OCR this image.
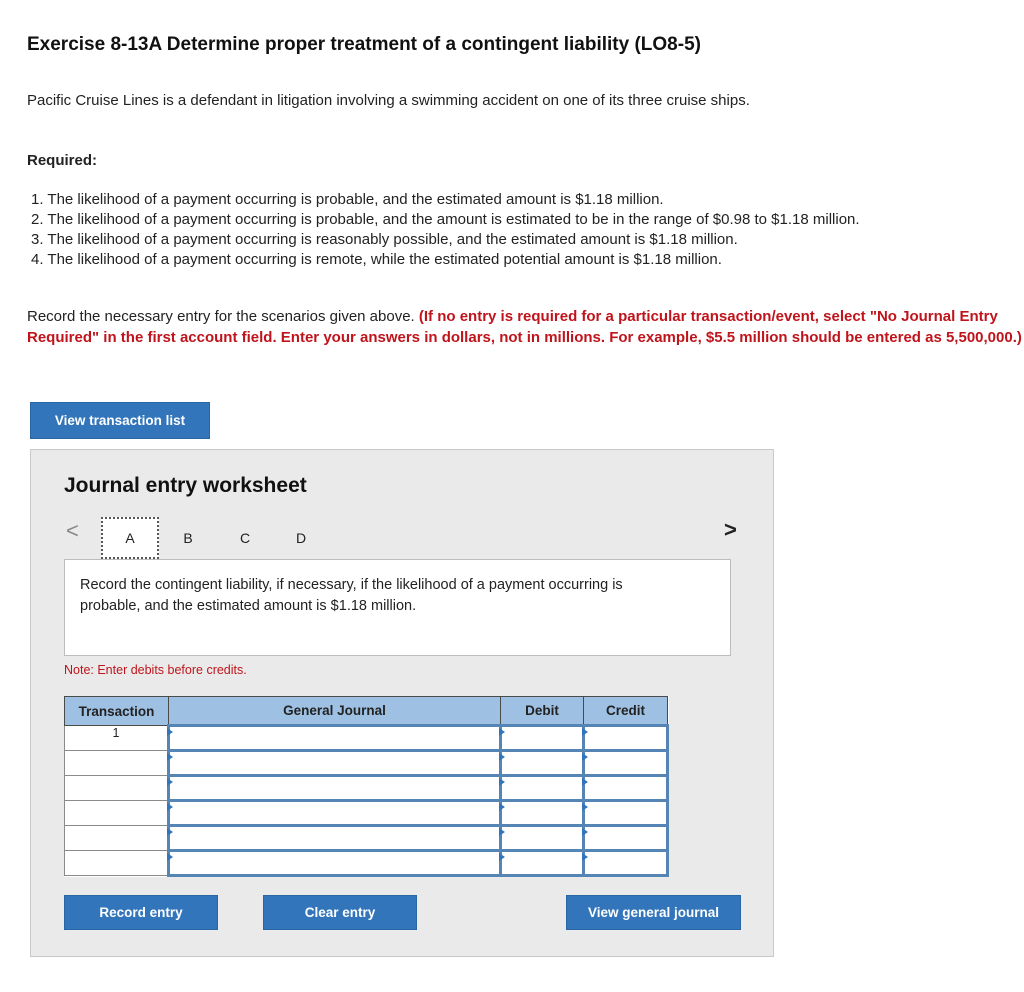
Exercise 8-13A Determine proper treatment of a contingent liability (LO8-5)
Pacific Cruise Lines is a defendant in litigation involving a swimming accident on one of its three cruise ships.
Required:
1. The likelihood of a payment occurring is probable, and the estimated amount is $1.18 million.
2. The likelihood of a payment occurring is probable, and the amount is estimated to be in the range of $0.98 to $1.18 million.
3. The likelihood of a payment occurring is reasonably possible, and the estimated amount is $1.18 million.
4. The likelihood of a payment occurring is remote, while the estimated potential amount is $1.18 million.
Record the necessary entry for the scenarios given above. (If no entry is required for a particular transaction/event, select "No Journal Entry Required" in the first account field. Enter your answers in dollars, not in millions. For example, $5.5 million should be entered as 5,500,000.)
View transaction list
Journal entry worksheet
<	>
A	B	C	D
Record the contingent liability, if necessary, if the likelihood of a payment occurring is probable, and the estimated amount is $1.18 million.
Note: Enter debits before credits.
Transaction	General Journal	Debit	Credit
1			

Record entry	Clear entry	View general journal
